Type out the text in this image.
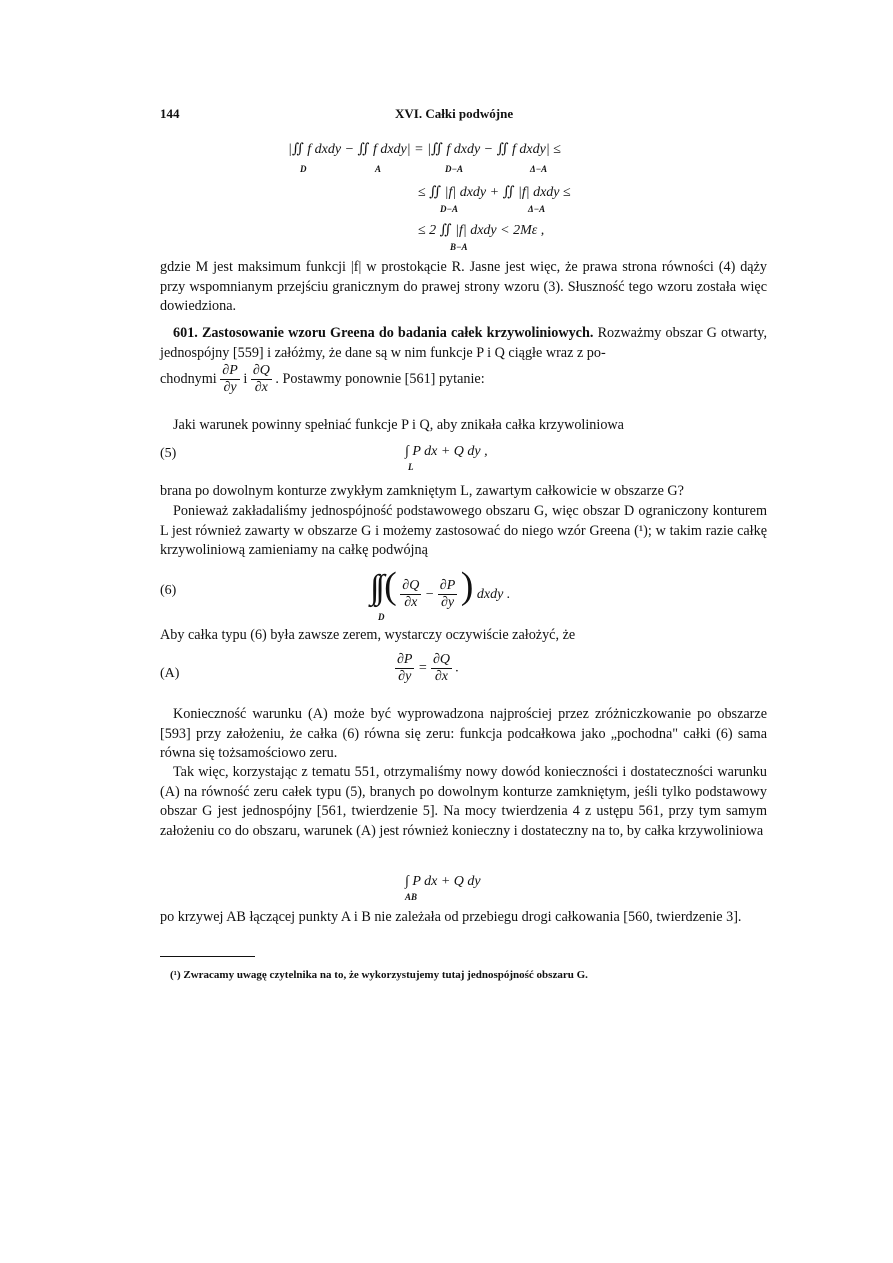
144	XVI. Całki podwójne
|∬ f dxdy − ∬ f dxdy| = |∬ f dxdy − ∬ f dxdy| ≤
D	A	D−A	Δ−A
≤ ∬ |f| dxdy + ∬ |f| dxdy ≤
D−A	Δ−A
≤ 2 ∬ |f| dxdy < 2Mε ,
B−A

gdzie M jest maksimum funkcji |f| w prostokącie R. Jasne jest więc, że prawa strona równości (4) dąży przy wspomnianym przejściu granicznym do prawej strony wzoru (3). Słuszność tego wzoru została więc dowiedziona.

601. Zastosowanie wzoru Greena do badania całek krzywoliniowych. Rozważmy obszar G otwarty, jednospójny [559] i załóżmy, że dane są w nim funkcje P i Q ciągłe wraz z po-

chodnymi $\frac{\partial P}{\partial y}$ i $\frac{\partial Q}{\partial x}$ . Postawmy ponownie [561] pytanie:

Jaki warunek powinny spełniać funkcje P i Q, aby znikała całka krzywoliniowa

(5)	∫ P dx + Q dy ,
L

brana po dowolnym konturze zwykłym zamkniętym L, zawartym całkowicie w obszarze G?

Ponieważ zakładaliśmy jednospójność podstawowego obszaru G, więc obszar D ograniczony konturem L jest również zawarty w obszarze G i możemy zastosować do niego wzór Greena (¹); w takim razie całkę krzywoliniową zamieniamy na całkę podwójną

(6)	∫∫ ( $\frac{\partial Q}{\partial x} - \frac{\partial P}{\partial y}$ ) dxdy .
D

Aby całka typu (6) była zawsze zerem, wystarczy oczywiście założyć, że

(A)	$\frac{\partial P}{\partial y} = \frac{\partial Q}{\partial x}$ .

Konieczność warunku (A) może być wyprowadzona najprościej przez zróżniczkowanie po obszarze [593] przy założeniu, że całka (6) równa się zeru: funkcja podcałkowa jako „pochodna" całki (6) sama równa się tożsamościowo zeru.

Tak więc, korzystając z tematu 551, otrzymaliśmy nowy dowód konieczności i dostateczności warunku (A) na równość zeru całek typu (5), branych po dowolnym konturze zamkniętym, jeśli tylko podstawowy obszar G jest jednospójny [561, twierdzenie 5]. Na mocy twierdzenia 4 z ustępu 561, przy tym samym założeniu co do obszaru, warunek (A) jest również konieczny i dostateczny na to, by całka krzywoliniowa

∫ P dx + Q dy
AB

po krzywej AB łączącej punkty A i B nie zależała od przebiegu drogi całkowania [560, twierdzenie 3].

(¹) Zwracamy uwagę czytelnika na to, że wykorzystujemy tutaj jednospójność obszaru G.
